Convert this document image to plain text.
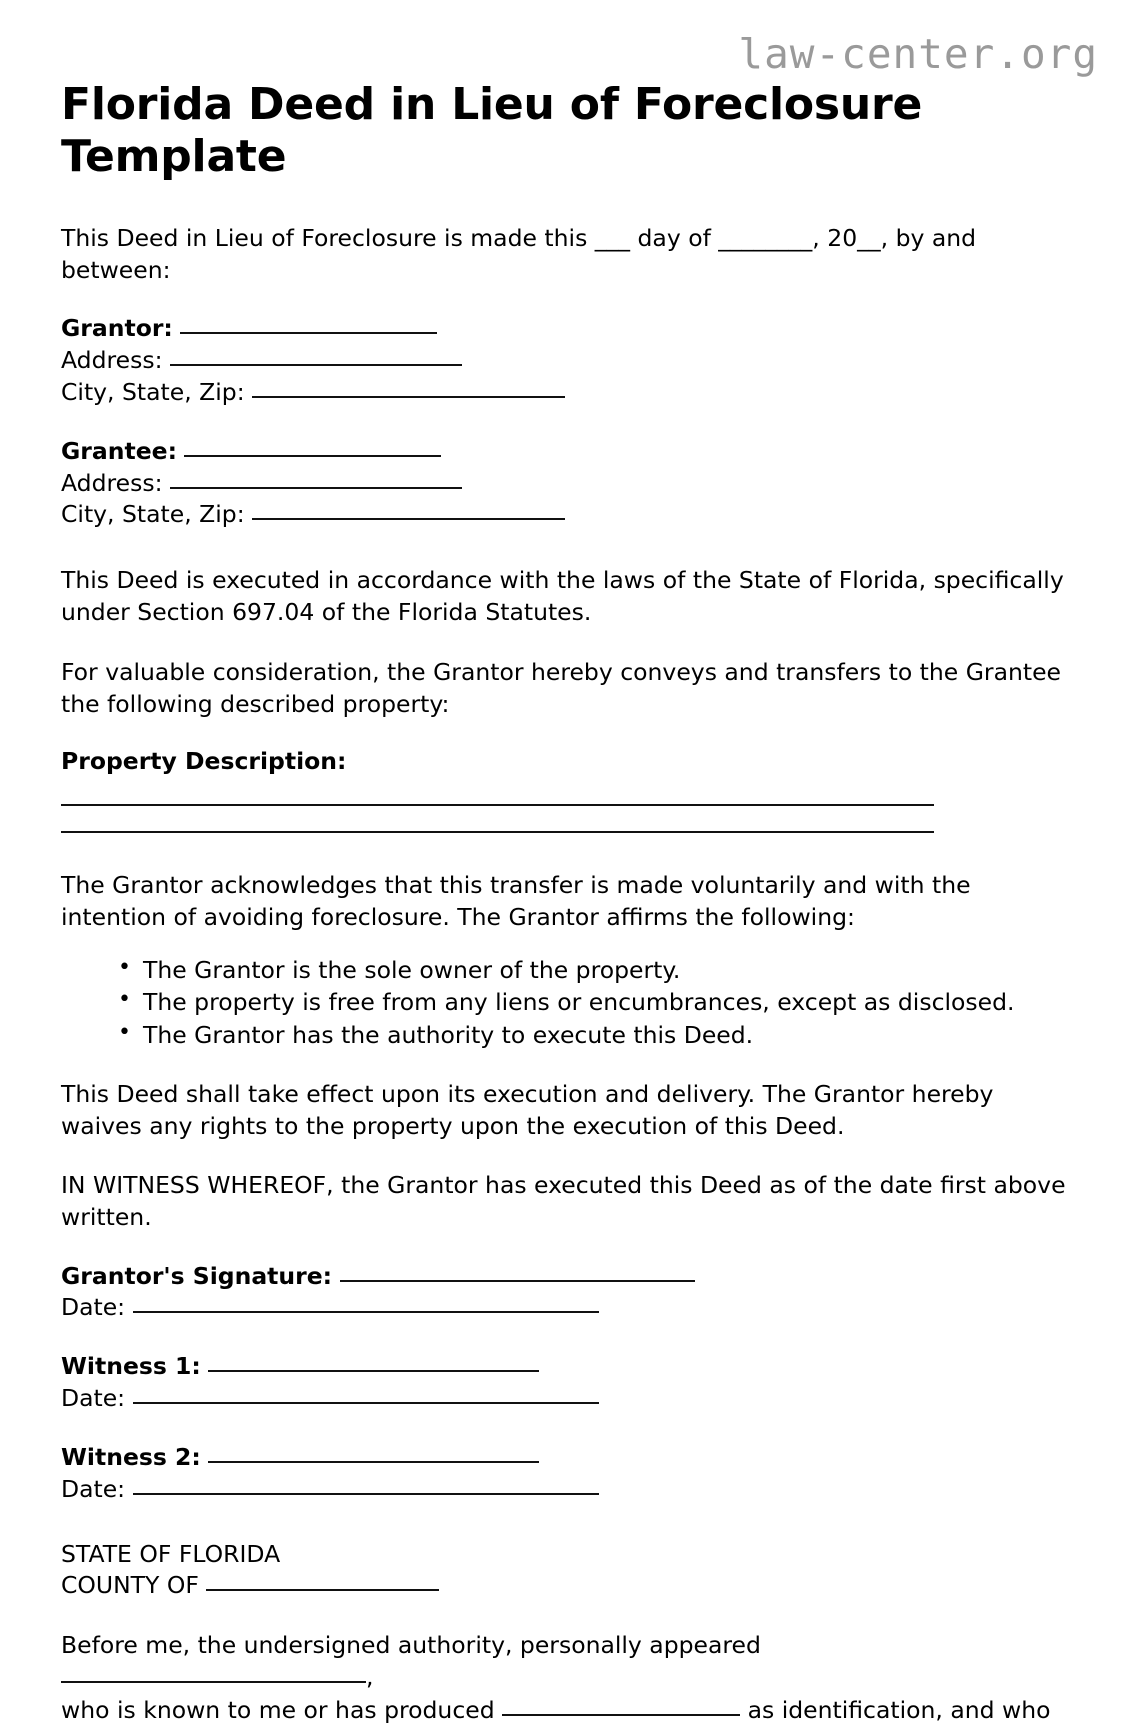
law-center.org
Florida Deed in Lieu of Foreclosure Template

This Deed in Lieu of Foreclosure is made this ___ day of ________, 20__, by and between:

Grantor:
Address:
City, State, Zip:
Grantee:
Address:
City, State, Zip:

This Deed is executed in accordance with the laws of the State of Florida, specifically under Section 697.04 of the Florida Statutes.

For valuable consideration, the Grantor hereby conveys and transfers to the Grantee the following described property:

Property Description:

The Grantor acknowledges that this transfer is made voluntarily and with the intention of avoiding foreclosure. The Grantor affirms the following:

• The Grantor is the sole owner of the property.
• The property is free from any liens or encumbrances, except as disclosed.
• The Grantor has the authority to execute this Deed.

This Deed shall take effect upon its execution and delivery. The Grantor hereby waives any rights to the property upon the execution of this Deed.

IN WITNESS WHEREOF, the Grantor has executed this Deed as of the date first above written.

Grantor's Signature:
Date:
Witness 1:
Date:
Witness 2:
Date:
STATE OF FLORIDA
COUNTY OF
Before me, the undersigned authority, personally appeared ,
who is known to me or has produced	as identification, and who
